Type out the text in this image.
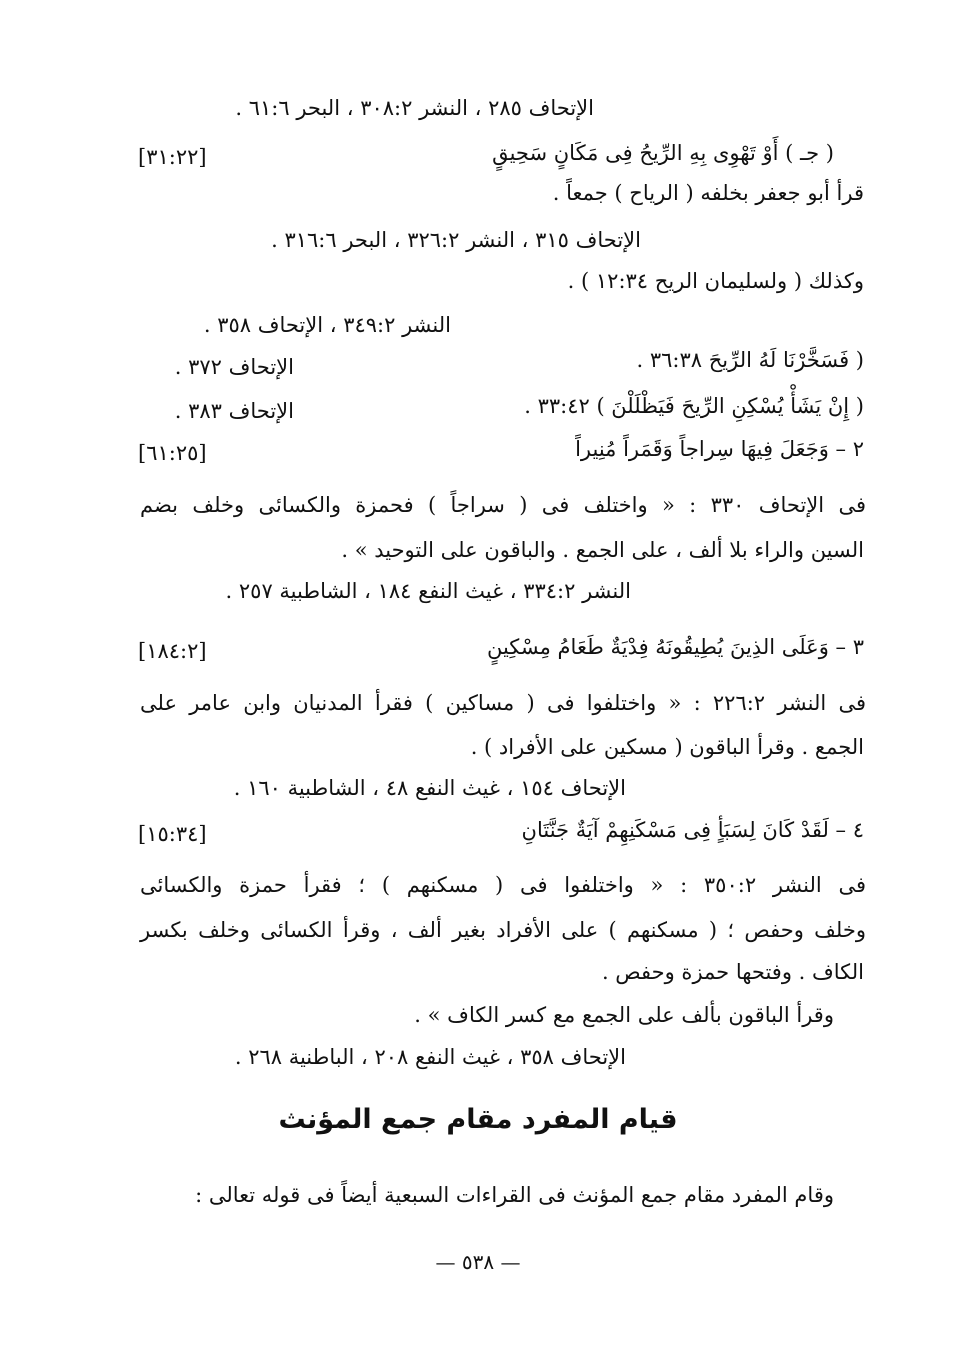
الإتحاف ٢٨٥ ، النشر ٣٠٨:٢ ، البحر ٦١:٦ .
( جـ ) أَوْ تَهْوِى بِهِ الرِّيحُ فِى مَكَانٍ سَحِيقٍ
[٣١:٢٢]
قرأ أبو جعفر بخلفه ( الرياح ) جمعاً .
الإتحاف ٣١٥ ، النشر ٣٢٦:٢ ، البحر ٣١٦:٦ .
وكذلك ( ولسليمان الريح ١٢:٣٤ ) .
النشر ٣٤٩:٢ ، الإتحاف ٣٥٨ .
( فَسَخَّرْنَا لَهُ الرِّيحَ ٣٦:٣٨ .
الإتحاف ٣٧٢ .
( إِنْ يَشَأْ يُسْكِنِ الرِّيحَ فَيَظْلَلْنَ ) ٣٣:٤٢ .
الإتحاف ٣٨٣ .
٢ – وَجَعَلَ فِيهَا سِراجاً وَقَمَراً مُنِيراً
[٦١:٢٥]
فى الإتحاف ٣٣٠ : « واختلف فى ( سراجاً ) فحمزة والكسائى وخلف بضم
السين والراء بلا ألف ، على الجمع . والباقون على التوحيد » .
النشر ٣٣٤:٢ ، غيث النفع ١٨٤ ، الشاطبية ٢٥٧ .
٣ – وَعَلَى الذِينَ يُطِيقُونَهُ فِدْيَةٌ طَعَامُ مِسْكِينٍ
[١٨٤:٢]
فى النشر ٢٢٦:٢ : « واختلفوا فى ( مساكين ) فقرأ المدنيان وابن عامر على
الجمع . وقرأ الباقون ( مسكين على الأفراد ) .
الإتحاف ١٥٤ ، غيث النفع ٤٨ ، الشاطبية ١٦٠ .
٤ – لَقَدْ كَانَ لِسَبَأٍ فِى مَسْكَنِهِمْ آيَةٌ جَنَّتَانِ
[١٥:٣٤]
فى النشر ٣٥٠:٢ : « واختلفوا فى ( مسكنهم ) ؛ فقرأ حمزة والكسائى
وخلف وحفص ؛ ( مسكنهم ) على الأفراد بغير ألف ، وقرأ الكسائى وخلف بكسر
الكاف . وفتحها حمزة وحفص .
وقرأ الباقون بألف على الجمع مع كسر الكاف » .
الإتحاف ٣٥٨ ، غيث النفع ٢٠٨ ، الباطنية ٢٦٨ .
قيام المفرد مقام جمع المؤنث
وقام المفرد مقام جمع المؤنث فى القراءات السبعية أيضاً فى قوله تعالى :
— ٥٣٨ —
